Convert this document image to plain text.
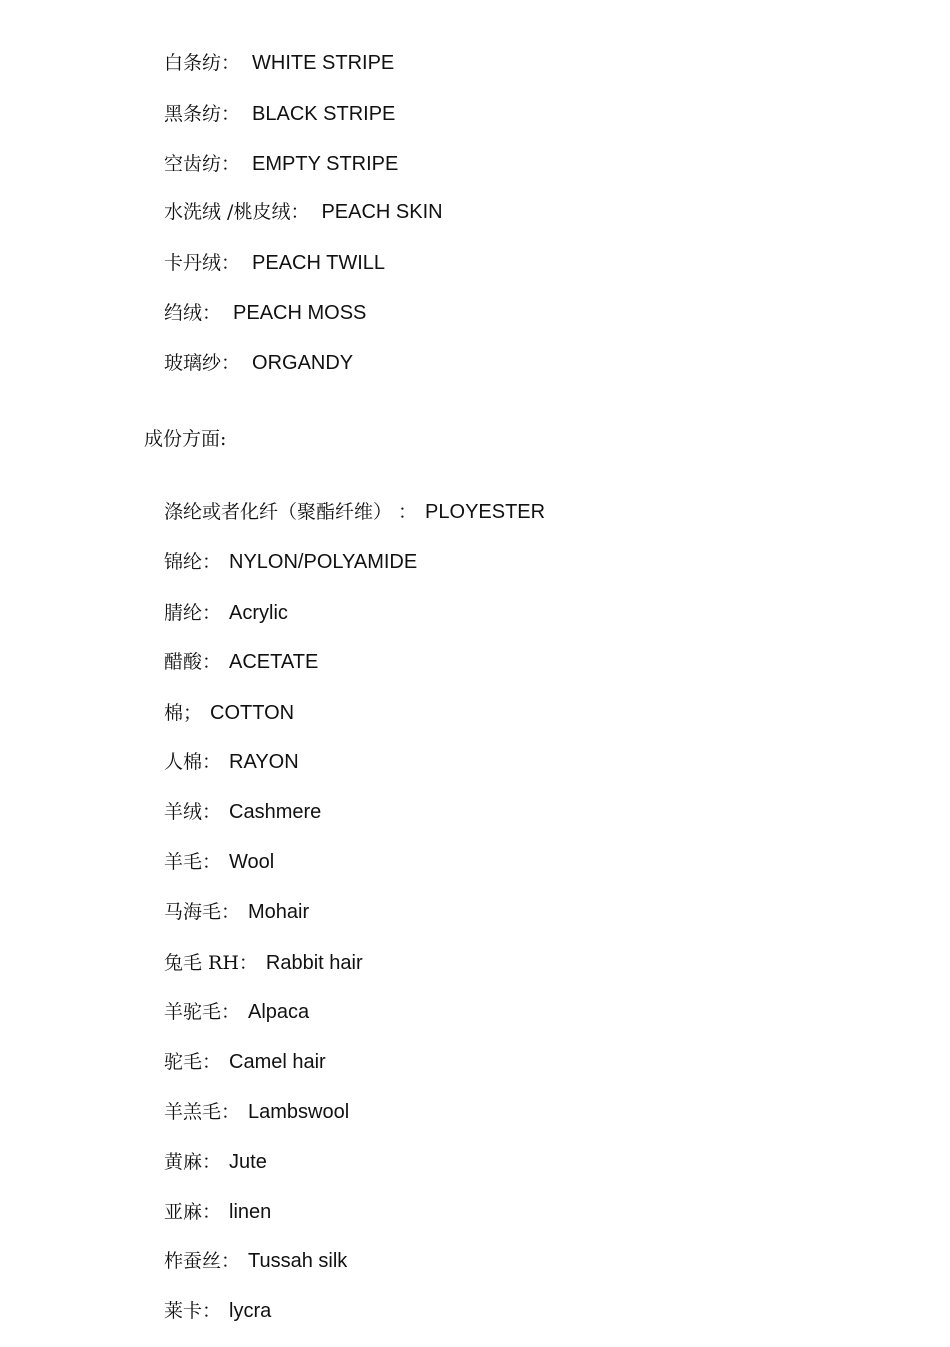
白条纺： WHITE STRIPE

黑条纺： BLACK STRIPE

空齿纺： EMPTY STRIPE

水洗绒 /桃皮绒： PEACH SKIN

卡丹绒： PEACH TWILL

绉绒： PEACH MOSS

玻璃纱： ORGANDY

成份方面:

涤纶或者化纤（聚酯纤维） ： PLOYESTER

锦纶： NYLON/POLYAMIDE

腈纶： Acrylic

醋酸： ACETATE

棉； COTTON

人棉： RAYON

羊绒： Cashmere

羊毛： Wool

马海毛： Mohair

兔毛 RH： Rabbit hair

羊驼毛： Alpaca

驼毛： Camel hair

羊羔毛： Lambswool

黄麻： Jute

亚麻： linen

柞蚕丝： Tussah silk

莱卡： lycra
